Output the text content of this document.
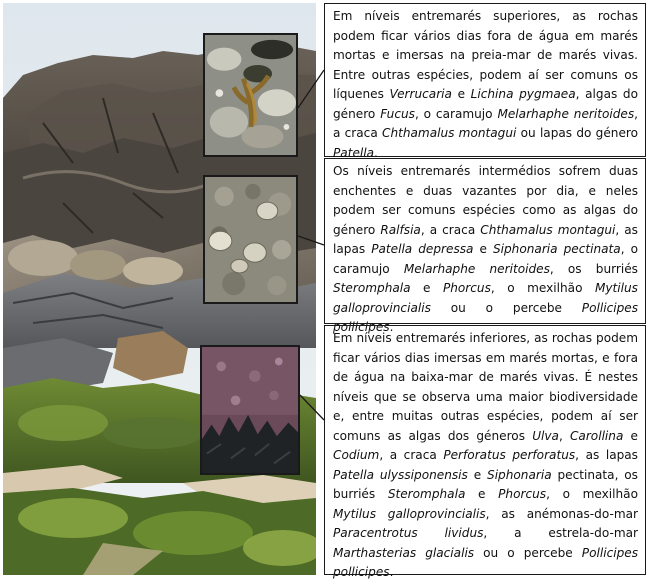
Em níveis entremarés superiores, as rochas podem ficar vários dias fora de água em marés mortas e imersas na preia-mar de marés vivas. Entre outras espécies, podem aí ser comuns os líquenes Verrucaria e Lichina pygmaea, algas do género Fucus, o caramujo Melarhaphe neritoides, a craca Chthamalus montagui ou lapas do género Patella.
Os níveis entremarés intermédios sofrem duas enchentes e duas vazantes por dia, e neles podem ser comuns espécies como as algas do género Ralfsia, a craca Chthamalus montagui, as lapas Patella depressa e Siphonaria pectinata, o caramujo Melarhaphe neritoides, os burriés Steromphala e Phorcus, o mexilhão Mytilus galloprovincialis ou o percebe Pollicipes pollicipes.
Em níveis entremarés inferiores, as rochas podem ficar vários dias imersas em marés mortas, e fora de água na baixa-mar de marés vivas. É nestes níveis que se observa uma maior biodiversidade e, entre muitas outras espécies, podem aí ser comuns as algas dos géneros Ulva, Carollina e Codium, a craca Perforatus perforatus, as lapas Patella ulyssiponensis e Siphonaria pectinata, os burriés Steromphala e Phorcus, o mexilhão Mytilus galloprovincialis, as anémonas-do-mar Paracentrotus lividus, a estrela-do-mar Marthasterias glacialis ou o percebe Pollicipes pollicipes.
